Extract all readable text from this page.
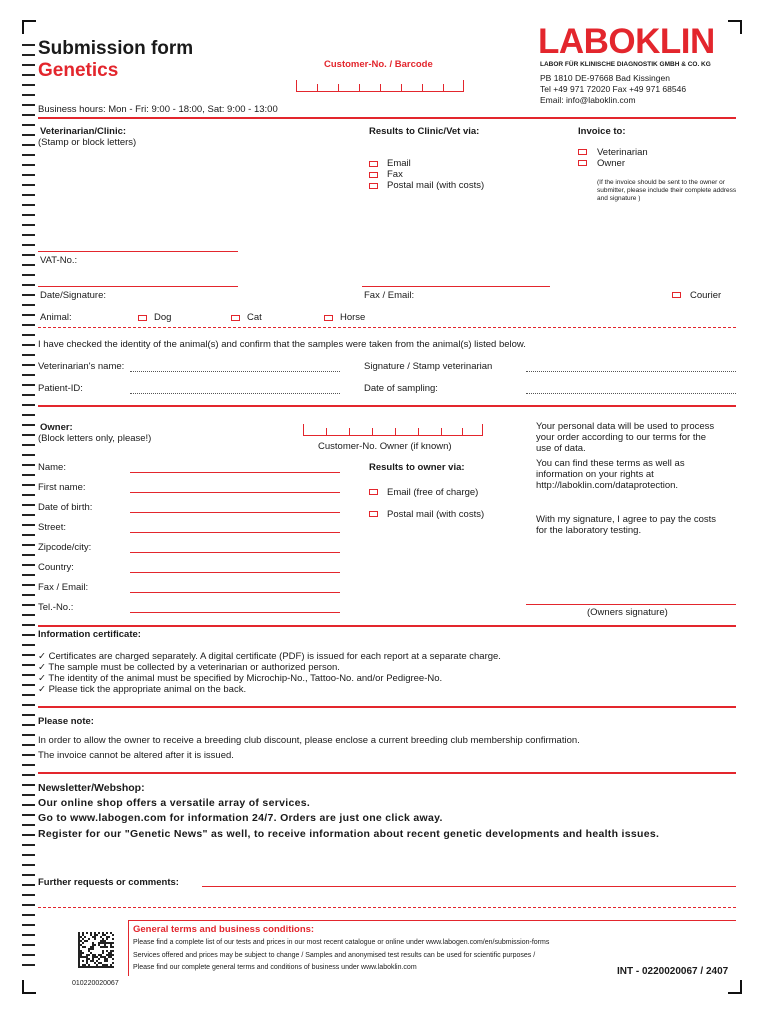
Submission form
Genetics	Customer-No. / Barcode
LABOKLIN
LABOR FÜR KLINISCHE DIAGNOSTIK GMBH & CO. KG
PB 1810 DE-97668 Bad Kissingen
Tel +49 971 72020 Fax +49 971 68546
Email: info@laboklin.com
Business hours: Mon - Fri: 9:00 - 18:00, Sat: 9:00 - 13:00
Veterinarian/Clinic:
(Stamp or block letters)
Results to Clinic/Vet via:
Email
Fax
Postal mail (with costs)
Invoice to:
Veterinarian
Owner
(If the invoice should be sent to the owner or submitter, please include their complete address and signature )
VAT-No.:
Date/Signature:	Fax / Email:	Courier
Animal:	Dog	Cat	Horse
I have checked the identity of the animal(s) and confirm that the samples were taken from the animal(s) listed below.
Veterinarian's name:	Signature / Stamp veterinarian
Patient-ID:	Date of sampling:
Owner:
(Block letters only, please!)
Customer-No. Owner (if known)
Name:
First name:
Date of birth:
Street:
Zipcode/city:
Country:
Fax / Email:
Tel.-No.:
Results to owner via:
Email (free of charge)
Postal mail (with costs)
Your personal data will be used to process your order according to our terms for the use of data.
You can find these terms as well as information on your rights at http://laboklin.com/dataprotection.
With my signature, I agree to pay the costs for the laboratory testing.
(Owners signature)
Information certificate:
✓ Certificates are charged separately. A digital certificate (PDF) is issued for each report at a separate charge.
✓ The sample must be collected by a veterinarian or authorized person.
✓ The identity of the animal must be specified by Microchip-No., Tattoo-No. and/or Pedigree-No.
✓ Please tick the appropriate animal on the back.
Please note:
In order to allow the owner to receive a breeding club discount, please enclose a current breeding club membership confirmation.
The invoice cannot be altered after it is issued.
Newsletter/Webshop:
Our online shop offers a versatile array of services.
Go to www.labogen.com for information 24/7. Orders are just one click away.
Register for our "Genetic News" as well, to receive information about recent genetic developments and health issues.
Further requests or comments:
General terms and business conditions:
Please find a complete list of our tests and prices in our most recent catalogue or online under www.labogen.com/en/submission-forms
Services offered and prices may be subject to change / Samples and anonymised test results can be used for scientific purposes /
Please find our complete general terms and conditions of business under www.laboklin.com	INT - 0220020067 / 2407
010220020067
